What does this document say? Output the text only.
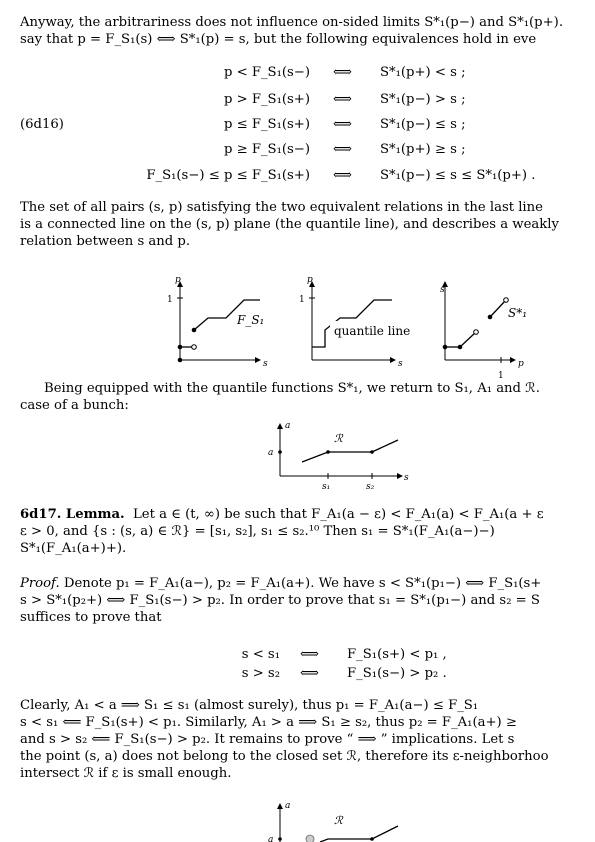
Anyway, the arbitrariness does not influence on-sided limits S*₁(p−) and S*₁(p+).
say that p = F_S₁(s) ⟺ S*₁(p) = s, but the following equivalences hold in eve
(6d16)
p < F_S₁(s−) ⟺ S*₁(p+) < s ;
p > F_S₁(s+) ⟺ S*₁(p−) > s ;
p ≤ F_S₁(s+) ⟺ S*₁(p−) ≤ s ;
p ≥ F_S₁(s−) ⟺ S*₁(p+) ≥ s ;
F_S₁(s−) ≤ p ≤ F_S₁(s+) ⟺ S*₁(p−) ≤ s ≤ S*₁(p+) .
The set of all pairs (s, p) satisfying the two equivalent relations in the last line
is a connected line on the (s, p) plane (the quantile line), and describes a weakly
relation between s and p.
p
s
1
F_S₁
p
s
1
quantile line
s
p
1
S*₁
Being equipped with the quantile functions S*₁, we return to S₁, A₁ and ℛ.
case of a bunch:
a
s
a
ℛ
s₁	s₂
6d17. Lemma. Let a ∈ (t, ∞) be such that F_A₁(a − ε) < F_A₁(a) < F_A₁(a + ε
ε > 0, and {s : (s, a) ∈ ℛ} = [s₁, s₂], s₁ ≤ s₂.¹⁰ Then s₁ = S*₁(F_A₁(a−)−)
S*₁(F_A₁(a+)+).
Proof. Denote p₁ = F_A₁(a−), p₂ = F_A₁(a+). We have s < S*₁(p₁−) ⟺ F_S₁(s+
s > S*₁(p₂+) ⟺ F_S₁(s−) > p₂. In order to prove that s₁ = S*₁(p₁−) and s₂ = S
suffices to prove that
s < s₁ ⟺ F_S₁(s+) < p₁ ,
s > s₂ ⟺ F_S₁(s−) > p₂ .
Clearly, A₁ < a ⟹ S₁ ≤ s₁ (almost surely), thus p₁ = F_A₁(a−) ≤ F_S₁
s < s₁ ⟸ F_S₁(s+) < p₁. Similarly, A₁ > a ⟹ S₁ ≥ s₂, thus p₂ = F_A₁(a+) ≥
and s > s₂ ⟸ F_S₁(s−) > p₂. It remains to prove “ ⟹ ” implications. Let s
the point (s, a) does not belong to the closed set ℛ, therefore its ε-neighborhoo
intersect ℛ if ε is small enough.
a
a
ℛ
